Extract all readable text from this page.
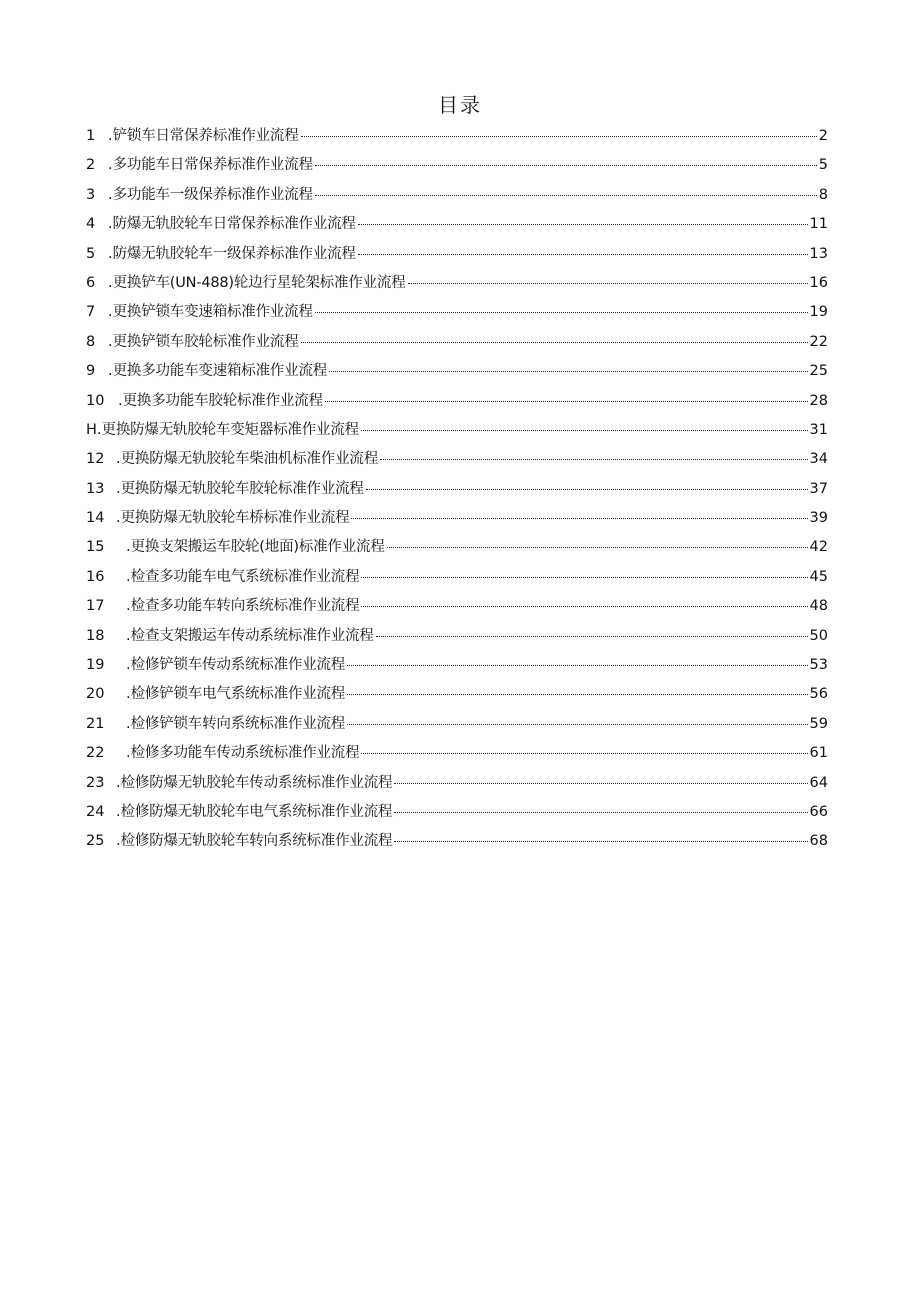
目录
1 . 铲锁车日常保养标准作业流程	2
2 . 多功能车日常保养标准作业流程	5
3 . 多功能车一级保养标准作业流程	8
4 . 防爆无轨胶轮车日常保养标准作业流程	11
5 . 防爆无轨胶轮车一级保养标准作业流程	13
6 . 更换铲车(UN-488)轮边行星轮架标准作业流程	16
7 . 更换铲锁车变速箱标准作业流程	19
8 . 更换铲锁车胶轮标准作业流程	22
9 . 更换多功能车变速箱标准作业流程	25
10 . 更换多功能车胶轮标准作业流程	28
H . 更换防爆无轨胶轮车变矩器标准作业流程	31
12 . 更换防爆无轨胶轮车柴油机标准作业流程	34
13 . 更换防爆无轨胶轮车胶轮标准作业流程	37
14 . 更换防爆无轨胶轮车桥标准作业流程	39
15	. 更换支架搬运车胶轮(地面)标准作业流程	42
16	. 检查多功能车电气系统标准作业流程	45
17	. 检查多功能车转向系统标准作业流程	48
18	. 检查支架搬运车传动系统标准作业流程	50
19	. 检修铲锁车传动系统标准作业流程	53
20	. 检修铲锁车电气系统标准作业流程	56
21	. 检修铲锁车转向系统标准作业流程	59
22	. 检修多功能车传动系统标准作业流程	61
23 . 检修防爆无轨胶轮车传动系统标准作业流程	64
24 . 检修防爆无轨胶轮车电气系统标准作业流程	66
25 . 检修防爆无轨胶轮车转向系统标准作业流程	68
